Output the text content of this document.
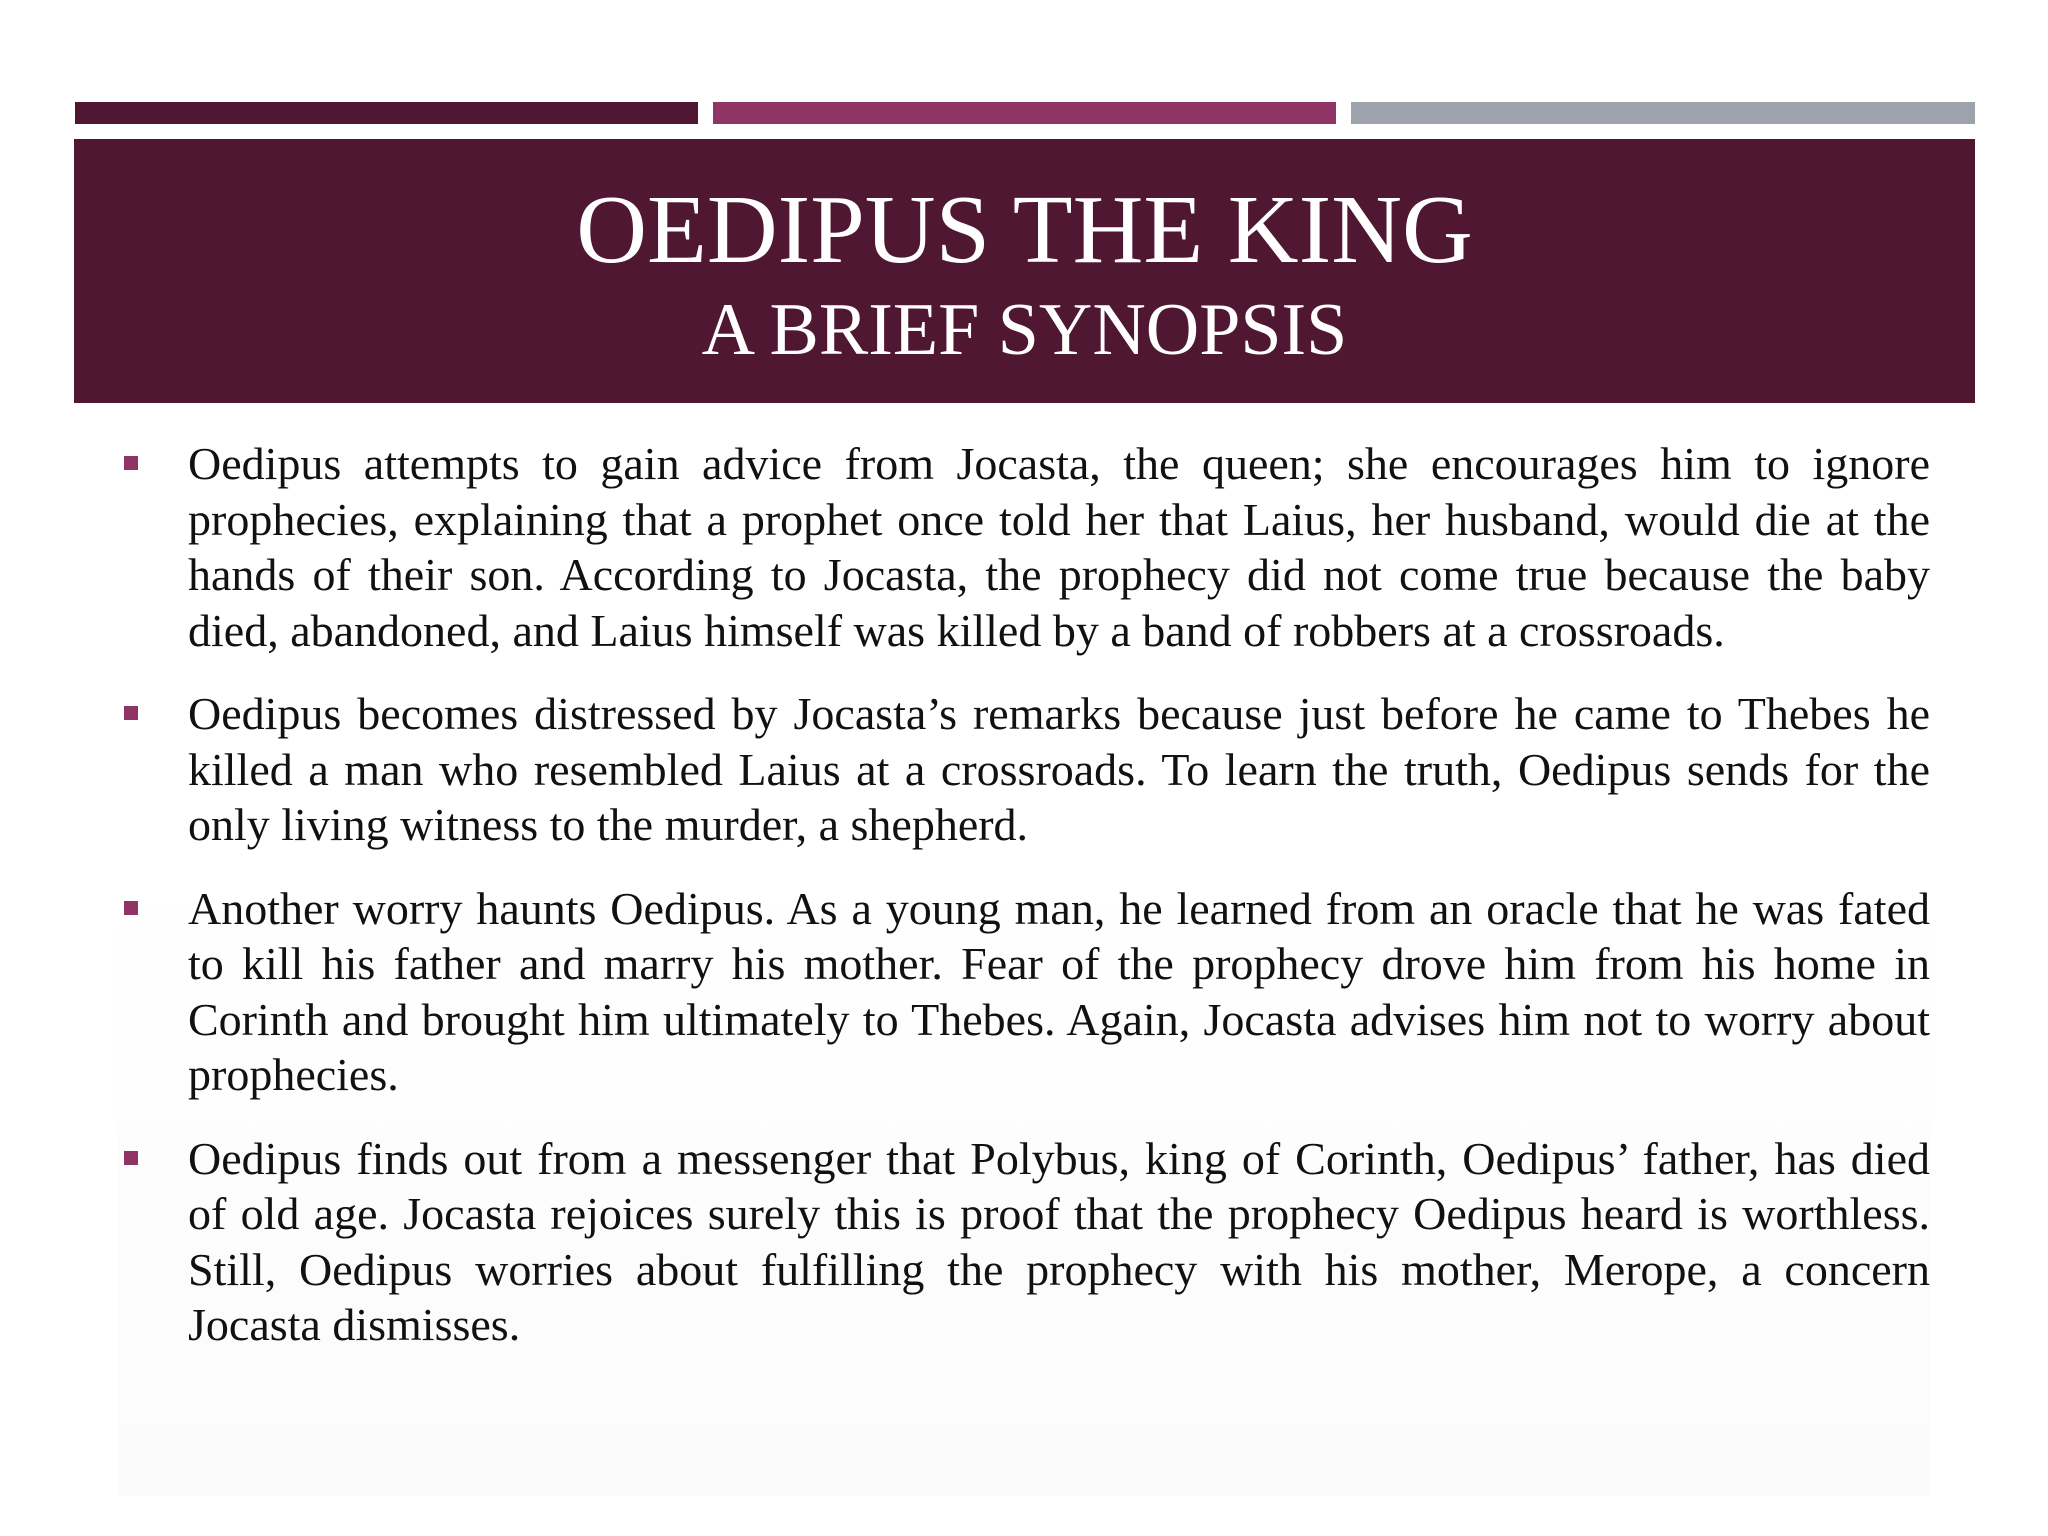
OEDIPUS THE KING
A BRIEF SYNOPSIS
Oedipus attempts to gain advice from Jocasta, the queen; she encourages him to ignore prophecies, explaining that a prophet once told her that Laius, her husband, would die at the hands of their son. According to Jocasta, the prophecy did not come true because the baby died, abandoned, and Laius himself was killed by a band of robbers at a crossroads.
Oedipus becomes distressed by Jocasta’s remarks because just before he came to Thebes he killed a man who resembled Laius at a crossroads. To learn the truth, Oedipus sends for the only living witness to the murder, a shepherd.
Another worry haunts Oedipus. As a young man, he learned from an oracle that he was fated to kill his father and marry his mother. Fear of the prophecy drove him from his home in Corinth and brought him ultimately to Thebes. Again, Jocasta advises him not to worry about prophecies.
Oedipus finds out from a messenger that Polybus, king of Corinth, Oedipus’ father, has died of old age. Jocasta rejoices surely this is proof that the prophecy Oedipus heard is worthless. Still, Oedipus worries about fulfilling the prophecy with his mother, Merope, a concern Jocasta dismisses.
